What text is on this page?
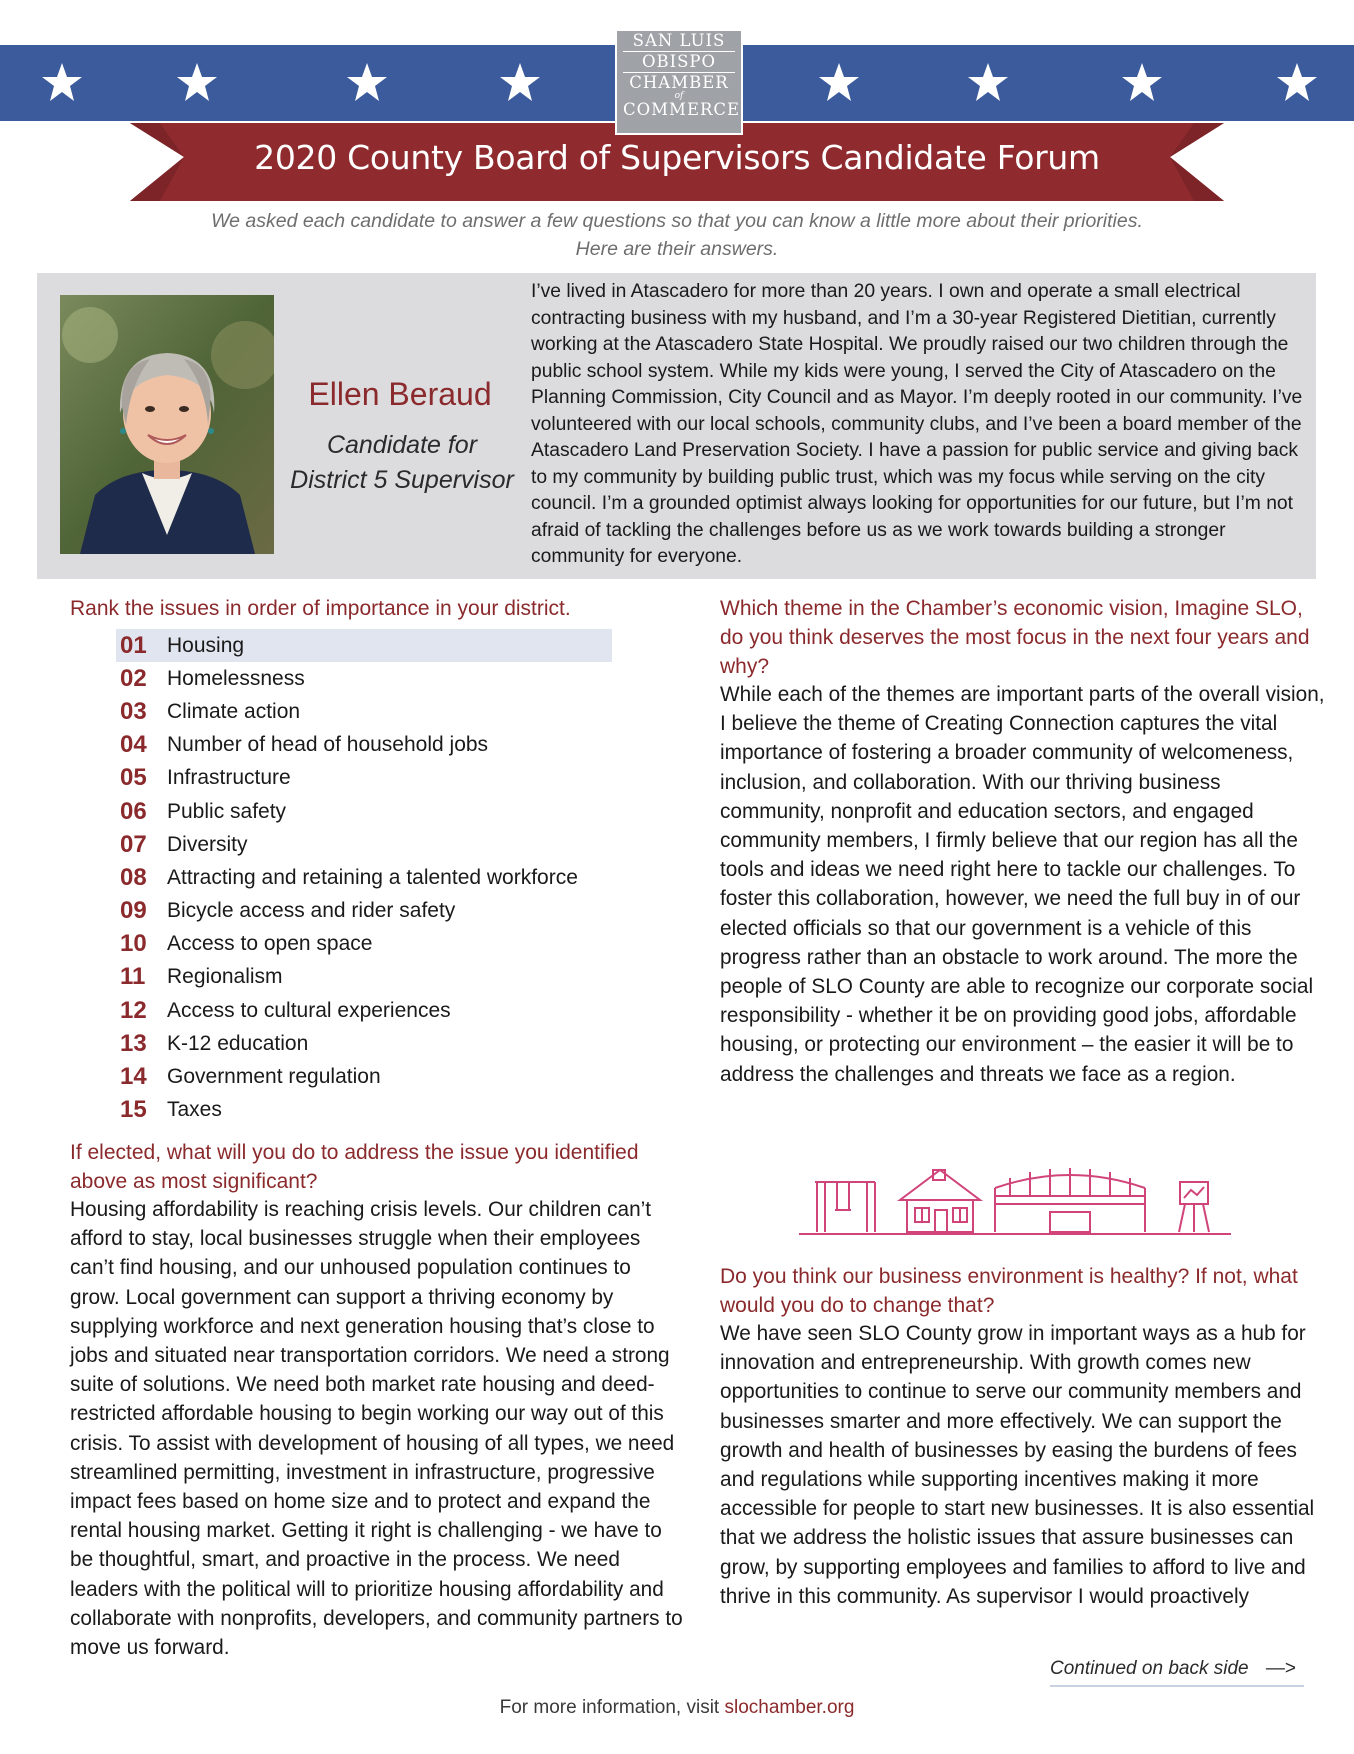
2020 County Board of Supervisors Candidate Forum
SAN LUIS
OBISPO
CHAMBER
of
COMMERCE
We asked each candidate to answer a few questions so that you can know a little more about their priorities. Here are their answers.
Ellen Beraud
Candidate for
District 5 Supervisor
I’ve lived in Atascadero for more than 20 years. I own and operate a small electrical contracting business with my husband, and I’m a 30-year Registered Dietitian, currently working at the Atascadero State Hospital. We proudly raised our two children through the public school system. While my kids were young, I served the City of Atascadero on the Planning Commission, City Council and as Mayor. I’m deeply rooted in our community. I’ve volunteered with our local schools, community clubs, and I’ve been a board member of the Atascadero Land Preservation Society. I have a passion for public service and giving back to my community by building public trust, which was my focus while serving on the city council. I’m a grounded optimist always looking for opportunities for our future, but I’m not afraid of tackling the challenges before us as we work towards building a stronger community for everyone.
Rank the issues in order of importance in your district.
01 Housing
02 Homelessness
03 Climate action
04 Number of head of household jobs
05 Infrastructure
06 Public safety
07 Diversity
08 Attracting and retaining a talented workforce
09 Bicycle access and rider safety
10 Access to open space
11	Regionalism
12 Access to cultural experiences
13 K-12 education
14 Government regulation
15 Taxes
If elected, what will you do to address the issue you identified above as most significant?
Housing affordability is reaching crisis levels. Our children can’t afford to stay, local businesses struggle when their employees can’t find housing, and our unhoused population continues to grow. Local government can support a thriving economy by supplying workforce and next generation housing that’s close to jobs and situated near transportation corridors. We need a strong suite of solutions. We need both market rate housing and deed-restricted affordable housing to begin working our way out of this crisis. To assist with development of housing of all types, we need streamlined permitting, investment in infrastructure, progressive impact fees based on home size and to protect and expand the rental housing market. Getting it right is challenging - we have to be thoughtful, smart, and proactive in the process. We need leaders with the political will to prioritize housing affordability and collaborate with nonprofits, developers, and community partners to move us forward.
Which theme in the Chamber’s economic vision, Imagine SLO, do you think deserves the most focus in the next four years and why?
While each of the themes are important parts of the overall vision, I believe the theme of Creating Connection captures the vital importance of fostering a broader community of welcomeness, inclusion, and collaboration. With our thriving business community, nonprofit and education sectors, and engaged community members, I firmly believe that our region has all the tools and ideas we need right here to tackle our challenges. To foster this collaboration, however, we need the full buy in of our elected officials so that our government is a vehicle of this progress rather than an obstacle to work around. The more the people of SLO County are able to recognize our corporate social responsibility - whether it be on providing good jobs, affordable housing, or protecting our environment – the easier it will be to address the challenges and threats we face as a region.
Do you think our business environment is healthy? If not, what would you do to change that?
We have seen SLO County grow in important ways as a hub for innovation and entrepreneurship. With growth comes new opportunities to continue to serve our community members and businesses smarter and more effectively. We can support the growth and health of businesses by easing the burdens of fees and regulations while supporting incentives making it more accessible for people to start new businesses. It is also essential that we address the holistic issues that assure businesses can grow, by supporting employees and families to afford to live and thrive in this community. As supervisor I would proactively
Continued on back side —>
For more information, visit slochamber.org
